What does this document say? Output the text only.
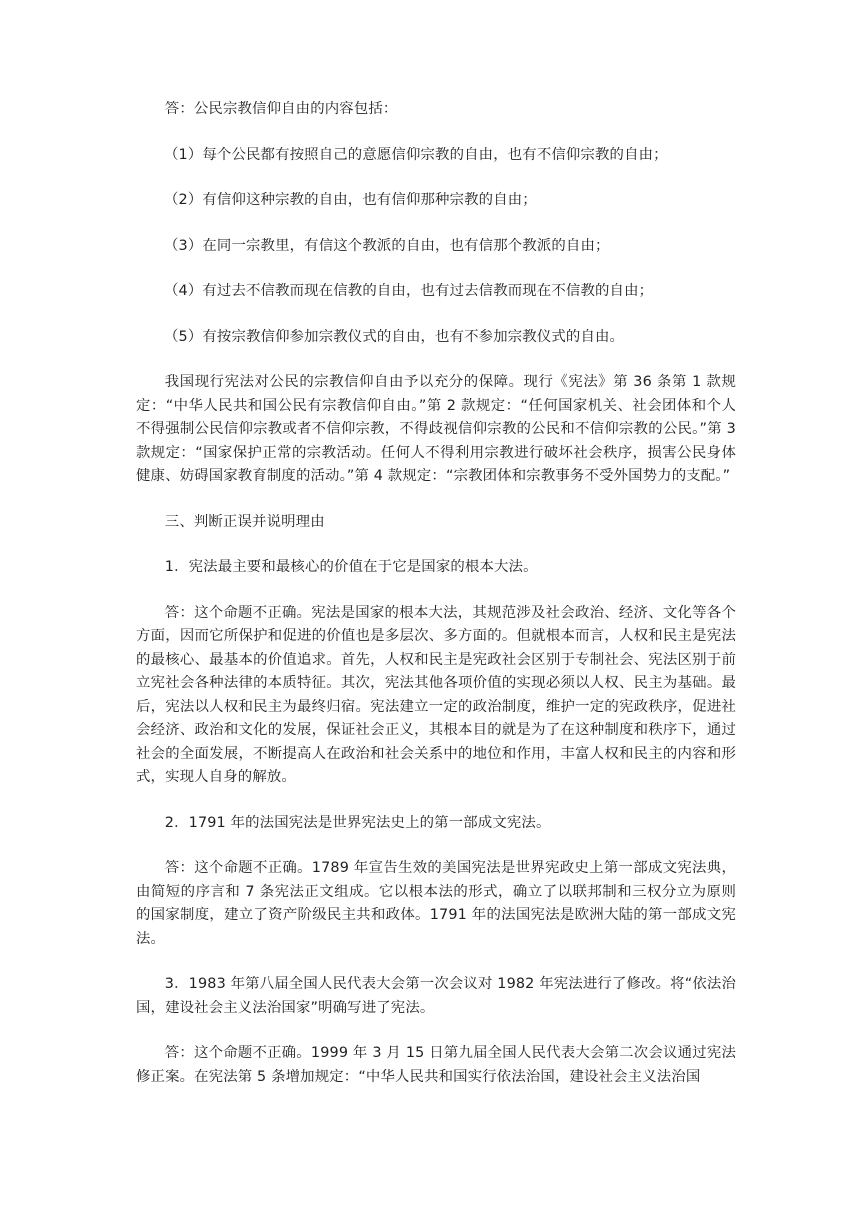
答：公民宗教信仰自由的内容包括：

（1）每个公民都有按照自己的意愿信仰宗教的自由，也有不信仰宗教的自由；

（2）有信仰这种宗教的自由，也有信仰那种宗教的自由；

（3）在同一宗教里，有信这个教派的自由，也有信那个教派的自由；

（4）有过去不信教而现在信教的自由，也有过去信教而现在不信教的自由；

（5）有按宗教信仰参加宗教仪式的自由，也有不参加宗教仪式的自由。

我国现行宪法对公民的宗教信仰自由予以充分的保障。现行《宪法》第 36 条第 1 款规定：“中华人民共和国公民有宗教信仰自由。”第 2 款规定：“任何国家机关、社会团体和个人不得强制公民信仰宗教或者不信仰宗教，不得歧视信仰宗教的公民和不信仰宗教的公民。”第 3 款规定：“国家保护正常的宗教活动。任何人不得利用宗教进行破坏社会秩序，损害公民身体健康、妨碍国家教育制度的活动。”第 4 款规定：“宗教团体和宗教事务不受外国势力的支配。”

三、判断正误并说明理由

1．宪法最主要和最核心的价值在于它是国家的根本大法。

答：这个命题不正确。宪法是国家的根本大法，其规范涉及社会政治、经济、文化等各个方面，因而它所保护和促进的价值也是多层次、多方面的。但就根本而言，人权和民主是宪法的最核心、最基本的价值追求。首先，人权和民主是宪政社会区别于专制社会、宪法区别于前立宪社会各种法律的本质特征。其次，宪法其他各项价值的实现必须以人权、民主为基础。最后，宪法以人权和民主为最终归宿。宪法建立一定的政治制度，维护一定的宪政秩序，促进社会经济、政治和文化的发展，保证社会正义，其根本目的就是为了在这种制度和秩序下，通过社会的全面发展，不断提高人在政治和社会关系中的地位和作用，丰富人权和民主的内容和形式，实现人自身的解放。

2．1791 年的法国宪法是世界宪法史上的第一部成文宪法。

答：这个命题不正确。1789 年宣告生效的美国宪法是世界宪政史上第一部成文宪法典，由简短的序言和 7 条宪法正文组成。它以根本法的形式，确立了以联邦制和三权分立为原则的国家制度，建立了资产阶级民主共和政体。1791 年的法国宪法是欧洲大陆的第一部成文宪法。

3．1983 年第八届全国人民代表大会第一次会议对 1982 年宪法进行了修改。将“依法治国，建设社会主义法治国家”明确写进了宪法。

答：这个命题不正确。1999 年 3 月 15 日第九届全国人民代表大会第二次会议通过宪法修正案。在宪法第 5 条增加规定：“中华人民共和国实行依法治国，建设社会主义法治国
